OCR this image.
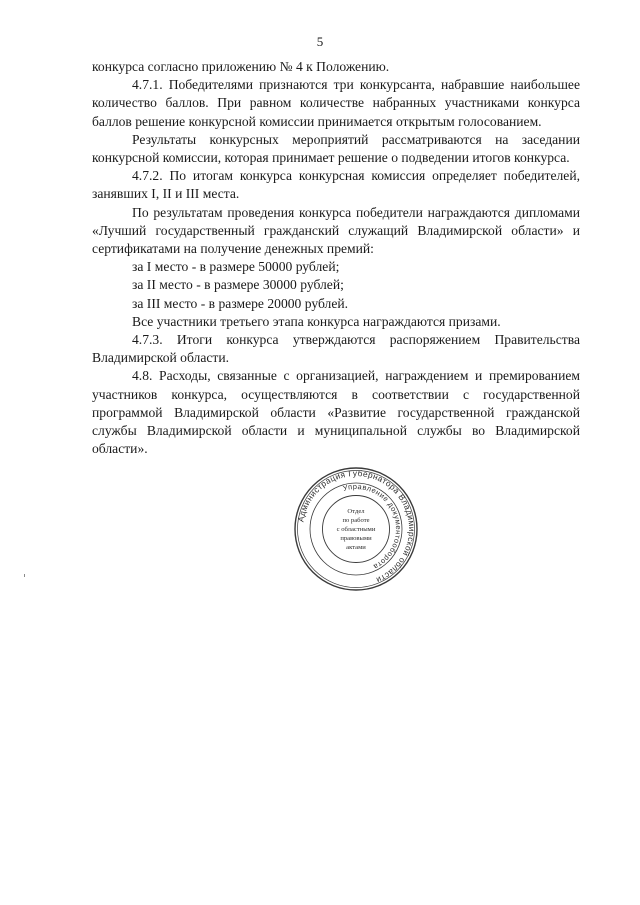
5

конкурса согласно приложению № 4 к Положению.

4.7.1. Победителями признаются три конкурсанта, набравшие наибольшее количество баллов. При равном количестве набранных участниками конкурса баллов решение конкурсной комиссии принимается открытым голосованием.

Результаты конкурсных мероприятий рассматриваются на заседании конкурсной комиссии, которая принимает решение о подведении итогов конкурса.

4.7.2. По итогам конкурса конкурсная комиссия определяет победителей, занявших I, II и III места.

По результатам проведения конкурса победители награждаются дипломами «Лучший государственный гражданский служащий Владимирской области» и сертификатами на получение денежных премий:

за I место - в размере 50000 рублей;

за II место - в размере 30000 рублей;

за III место - в размере 20000 рублей.

Все участники третьего этапа конкурса награждаются призами.

4.7.3. Итоги конкурса утверждаются распоряжением Правительства Владимирской области.

4.8. Расходы, связанные с организацией, награждением и премированием участников конкурса, осуществляются в соответствии с государственной программой Владимирской области «Развитие государственной гражданской службы Владимирской области и муниципальной службы во Владимирской области».

Администрация Губернатора Владимирской области
Управление документооборота
Отдел
по работе
с областными
правовыми
актами
